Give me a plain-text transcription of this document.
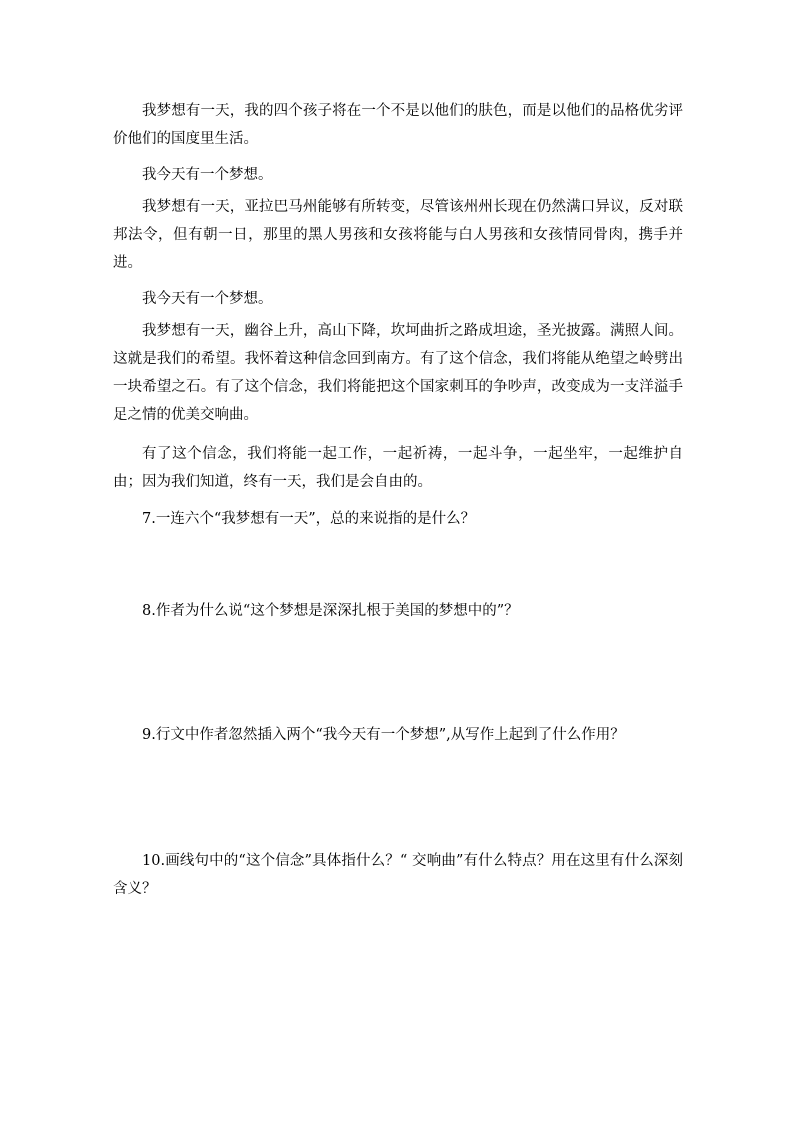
我梦想有一天，我的四个孩子将在一个不是以他们的肤色，而是以他们的品格优劣评价他们的国度里生活。

我今天有一个梦想。

我梦想有一天，亚拉巴马州能够有所转变，尽管该州州长现在仍然满口异议，反对联邦法令，但有朝一日，那里的黑人男孩和女孩将能与白人男孩和女孩情同骨肉，携手并进。

我今天有一个梦想。

我梦想有一天，幽谷上升，高山下降，坎坷曲折之路成坦途，圣光披露。满照人间。这就是我们的希望。我怀着这种信念回到南方。有了这个信念，我们将能从绝望之岭劈出一块希望之石。有了这个信念，我们将能把这个国家刺耳的争吵声，改变成为一支洋溢手足之情的优美交响曲。

有了这个信念，我们将能一起工作，一起祈祷，一起斗争，一起坐牢，一起维护自由；因为我们知道，终有一天，我们是会自由的。

7.一连六个“我梦想有一天”，总的来说指的是什么？

8.作者为什么说“这个梦想是深深扎根于美国的梦想中的”？

9.行文中作者忽然插入两个“我今天有一个梦想”,从写作上起到了什么作用？

10.画线句中的“这个信念”具体指什么？“ 交响曲”有什么特点？用在这里有什么深刻含义？
